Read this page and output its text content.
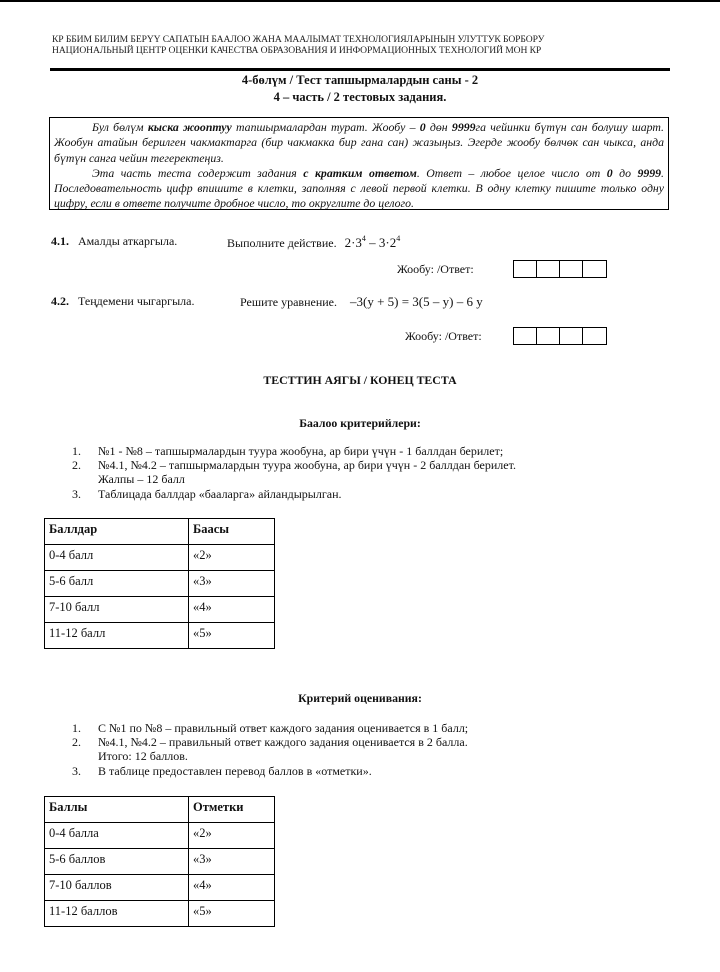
КР ББИМ БИЛИМ БЕРҮҮ САПАТЫН БААЛОО ЖАНА МААЛЫМАТ ТЕХНОЛОГИЯЛАРЫНЫН УЛУТТУК БОРБОРУ
НАЦИОНАЛЬНЫЙ ЦЕНТР ОЦЕНКИ КАЧЕСТВА ОБРАЗОВАНИЯ И ИНФОРМАЦИОННЫХ ТЕХНОЛОГИЙ МОН КР
4-бөлүм / Тест тапшырмалардын саны - 2
4 – часть / 2 тестовых задания.

Бул бөлүм кыска жооптуу тапшырмалардан турат. Жообу – 0 дөн 9999га чейинки бүтүн сан болушу шарт. Жообун атайын берилген чакмактарга (бир чакмакка бир гана сан) жазыңыз. Эгерде жообу бөлчөк сан чыкса, анда бүтүн санга чейин тегеректеңиз.

Эта часть теста содержит задания с кратким ответом. Ответ – любое целое число от 0 до 9999. Последовательность цифр впишите в клетки, заполняя с левой первой клетки. В одну клетку пишите только одну цифру, если в ответе получите дробное число, то округлите до целого.

4.1. Амалды аткаргыла.	Выполните действие. $2\cdot 3^4 - 3\cdot 2^4$
Жообу: /Ответ:
4.2. Теңдемени чыгаргыла.	Решите уравнение. –3(y + 5) = 3(5 – y) – 6 y
Жообу: /Ответ:
ТЕСТТИН АЯГЫ / КОНЕЦ ТЕСТА
Баалоо критерийлери:
1. №1 - №8 – тапшырмалардын туура жообуна, ар бири үчүн - 1 баллдан берилет;
2. №4.1, №4.2 – тапшырмалардын туура жообуна, ар бири үчүн - 2 баллдан берилет.
Жалпы – 12 балл
3. Таблицада баллдар «бааларга» айландырылган.
Баллдар	Баасы
0-4 балл	«2»
5-6 балл	«3»
7-10 балл	«4»
11-12 балл	«5»
Критерий оценивания:
1. С №1 по №8 – правильный ответ каждого задания оценивается в 1 балл;
2. №4.1, №4.2 – правильный ответ каждого задания оценивается в 2 балла.
Итого: 12 баллов.
3. В таблице предоставлен перевод баллов в «отметки».
Баллы	Отметки
0-4 балла	«2»
5-6 баллов	«3»
7-10 баллов	«4»
11-12 баллов	«5»
